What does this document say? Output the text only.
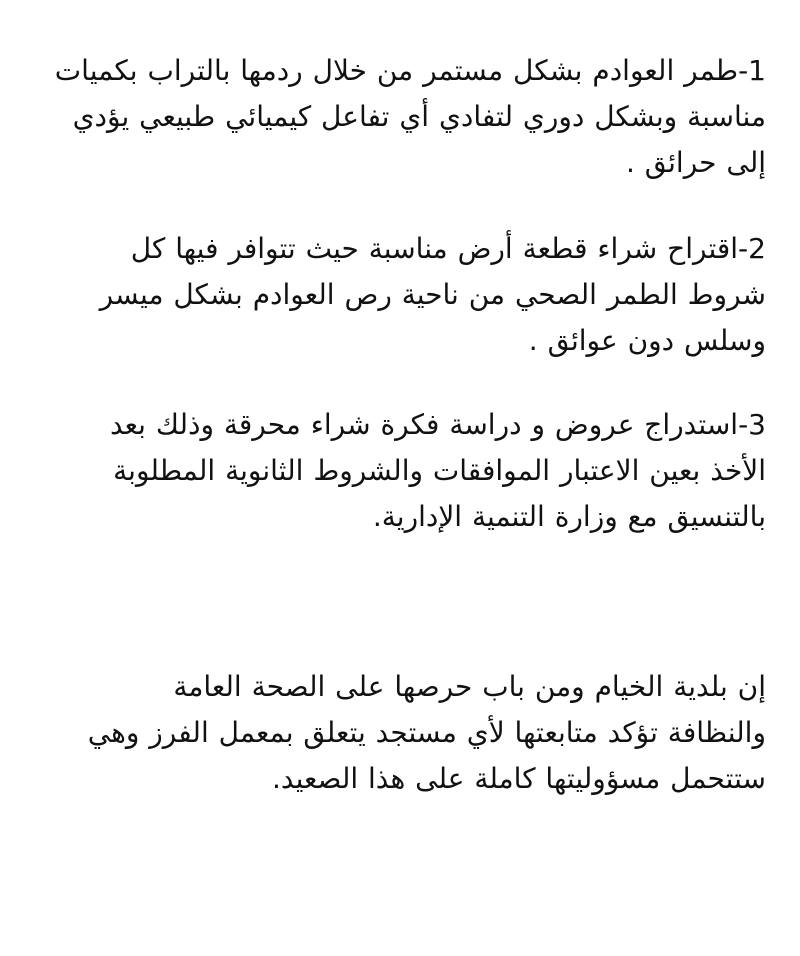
1-طمر العوادم بشكل مستمر من خلال ردمها بالتراب بكميات
مناسبة وبشكل دوري لتفادي أي تفاعل كيميائي طبيعي يؤدي
إلى حرائق .

2-اقتراح شراء قطعة أرض مناسبة حيث تتوافر فيها كل
شروط الطمر الصحي من ناحية رص العوادم بشكل ميسر
وسلس دون عوائق .

3-استدراج عروض و دراسة فكرة شراء محرقة وذلك بعد
الأخذ بعين الاعتبار الموافقات والشروط الثانوية المطلوبة
بالتنسيق مع وزارة التنمية الإدارية.

إن بلدية الخيام ومن باب حرصها على الصحة العامة
والنظافة تؤكد متابعتها لأي مستجد يتعلق بمعمل الفرز وهي
ستتحمل مسؤوليتها كاملة على هذا الصعيد.
